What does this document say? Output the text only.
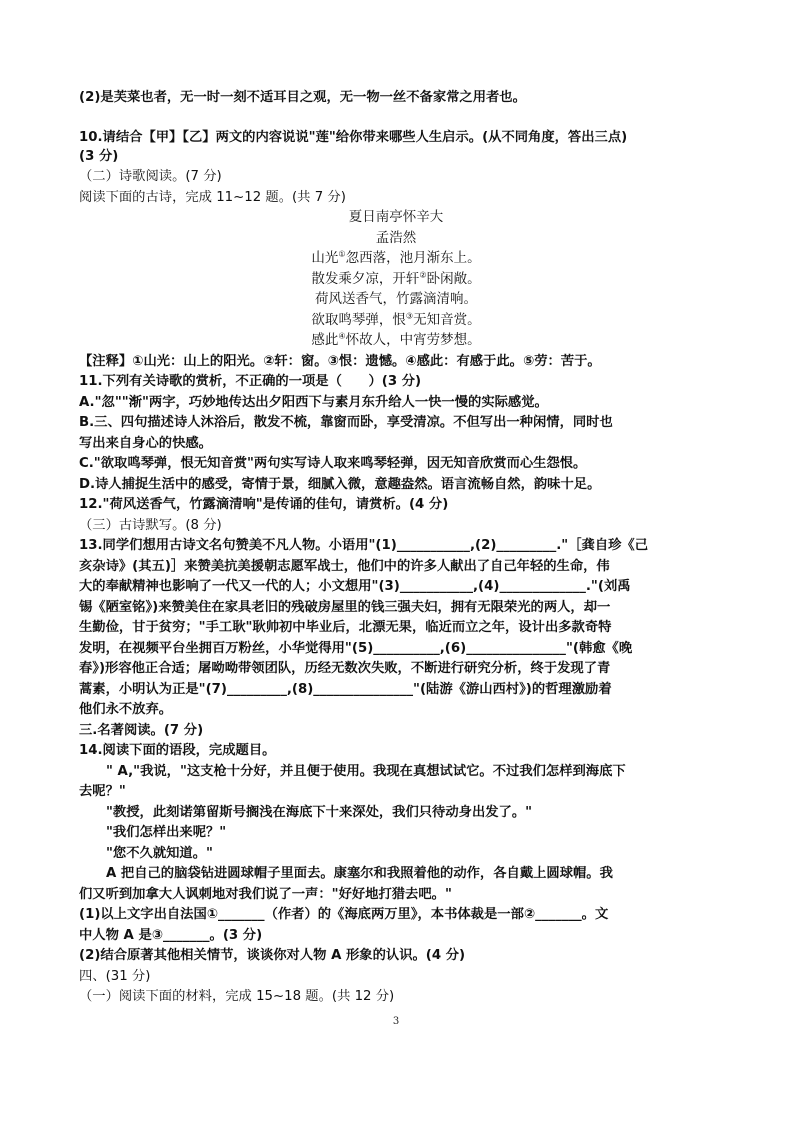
(2)是芙菜也者，无一时一刻不适耳目之观，无一物一丝不备家常之用者也。
10.请结合【甲】【乙】两文的内容说说"莲"给你带来哪些人生启示。(从不同角度，答出三点)
(3 分)
（二）诗歌阅读。(7 分)
阅读下面的古诗，完成 11~12 题。(共 7 分)
夏日南亭怀辛大
孟浩然
山光①忽西落，池月渐东上。
散发乘夕凉，开轩②卧闲敞。
荷风送香气，竹露滴清响。
欲取鸣琴弹，恨③无知音赏。
感此④怀故人，中宵劳梦想。
【注释】①山光：山上的阳光。②轩：窗。③恨：遗憾。④感此：有感于此。⑤劳：苦于。
11.下列有关诗歌的赏析，不正确的一项是（　　）(3 分)
A."忽""渐"两字，巧妙地传达出夕阳西下与素月东升给人一快一慢的实际感觉。
B.三、四句描述诗人沐浴后，散发不梳，靠窗而卧，享受清凉。不但写出一种闲情，同时也
写出来自身心的快感。
C."欲取鸣琴弹，恨无知音赏"两句实写诗人取来鸣琴轻弹，因无知音欣赏而心生怨恨。
D.诗人捕捉生活中的感受，寄情于景，细腻入微，意趣盎然。语言流畅自然，韵味十足。
12."荷风送香气，竹露滴清响"是传诵的佳句，请赏析。(4 分)
（三）古诗默写。(8 分)
13.同学们想用古诗文名句赞美不凡人物。小语用"(1)___________,(2)_________."［龚自珍《己
亥杂诗》(其五)］来赞美抗美援朝志愿军战士，他们中的许多人献出了自己年轻的生命，伟
大的奉献精神也影响了一代又一代的人；小文想用"(3)___________,(4)_____________."(刘禹
锡《陋室铭》)来赞美住在家具老旧的残破房屋里的钱三强夫妇，拥有无限荣光的两人，却一
生勤俭，甘于贫穷；"手工耿"耿帅初中毕业后，北漂无果，临近而立之年，设计出多款奇特
发明，在视频平台坐拥百万粉丝，小华觉得用"(5)__________,(6)_______________"(韩愈《晚
春》)形容他正合适；屠呦呦带领团队，历经无数次失败，不断进行研究分析，终于发现了青
蒿素，小明认为正是"(7)_________,(8)_______________"(陆游《游山西村》)的哲理激励着
他们永不放弃。
三.名著阅读。(7 分)
14.阅读下面的语段，完成题目。
" A,"我说，"这支枪十分好，并且便于使用。我现在真想试试它。不过我们怎样到海底下
去呢？"
"教授，此刻诺第留斯号搁浅在海底下十来深处，我们只待动身出发了。"
"我们怎样出来呢？"
"您不久就知道。"
A 把自己的脑袋钻进圆球帽子里面去。康塞尔和我照着他的动作，各自戴上圆球帽。我
们又听到加拿大人讽刺地对我们说了一声："好好地打猎去吧。"
(1)以上文字出自法国①_______（作者）的《海底两万里》，本书体裁是一部②_______。文
中人物 A 是③_______。(3 分)
(2)结合原著其他相关情节，谈谈你对人物 A 形象的认识。(4 分)
四、(31 分)
（一）阅读下面的材料，完成 15~18 题。(共 12 分)
3
